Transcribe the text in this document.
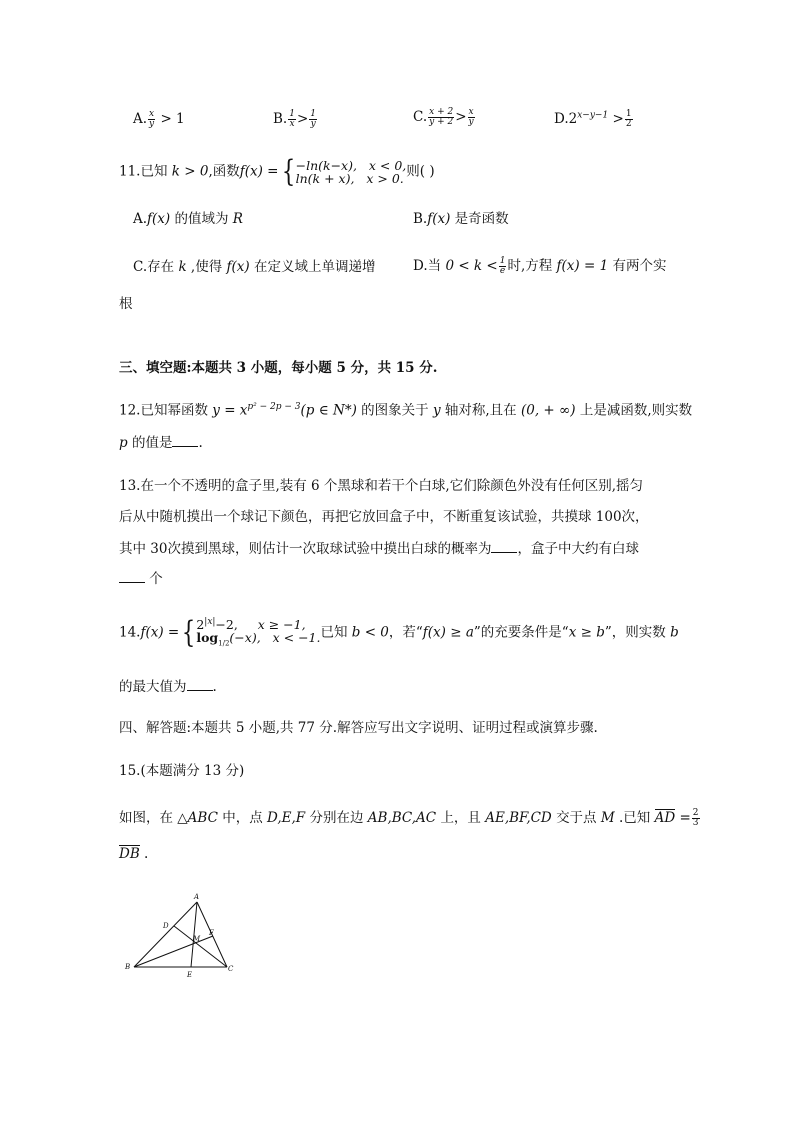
A. $\frac{x}{y} > 1$	B. $\frac{1}{x} > \frac{1}{y}$	C. $\frac{x + 2}{y + 2} > \frac{x}{y}$	$D.2^{x-y-1} > \frac{1}{2}$
11.已知 k > 0,函数f(x) ={ −ln(k−x), x < 0,
ln(k + x), x > 0. 则( )
A.f(x) 的值域为 R	B.f(x) 是奇函数
C.存在 k ,使得 f(x) 在定义域上单调递增	D.当 $0 < k < \frac{1}{e}$ 时,方程 f(x) = 1 有两个实
根
三、填空题:本题共 3 小题，每小题 5 分，共 15 分.
12.已知幂函数 $y = x^{p^2 - 2p - 3}(p$ ∈ N*) 的图象关于 y 轴对称,且在 (0, + ∞) 上是减函数,则实数
p 的值是 .
13.在一个不透明的盒子里,装有 6 个黑球和若干个白球,它们除颜色外没有任何区别,摇匀
后从中随机摸出一个球记下颜色，再把它放回盒子中，不断重复该试验，共摸球 100次，
其中 30次摸到黑球，则估计一次取球试验中摸出白球的概率为 ，盒子中大约有白球
个
14.f(x) ={ $2^{|x|}-2$, x ≥ −1,
$\log_{1/2}(-x)$, x < −1. 已知 b < 0，若“f(x) ≥ a”的充要条件是“x ≥ b”，则实数 b
的最大值为 .
四、解答题:本题共 5 小题,共 77 分.解答应写出文字说明、证明过程或演算步骤.
15.(本题满分 13 分)
如图，在 △ABC 中，点 D,E,F 分别在边 AB,BC,AC 上，且 AE,BF,CD 交于点 M .已知 AD = $\frac{2}{3}$
DB .
A
B	C
D
E
F
M
